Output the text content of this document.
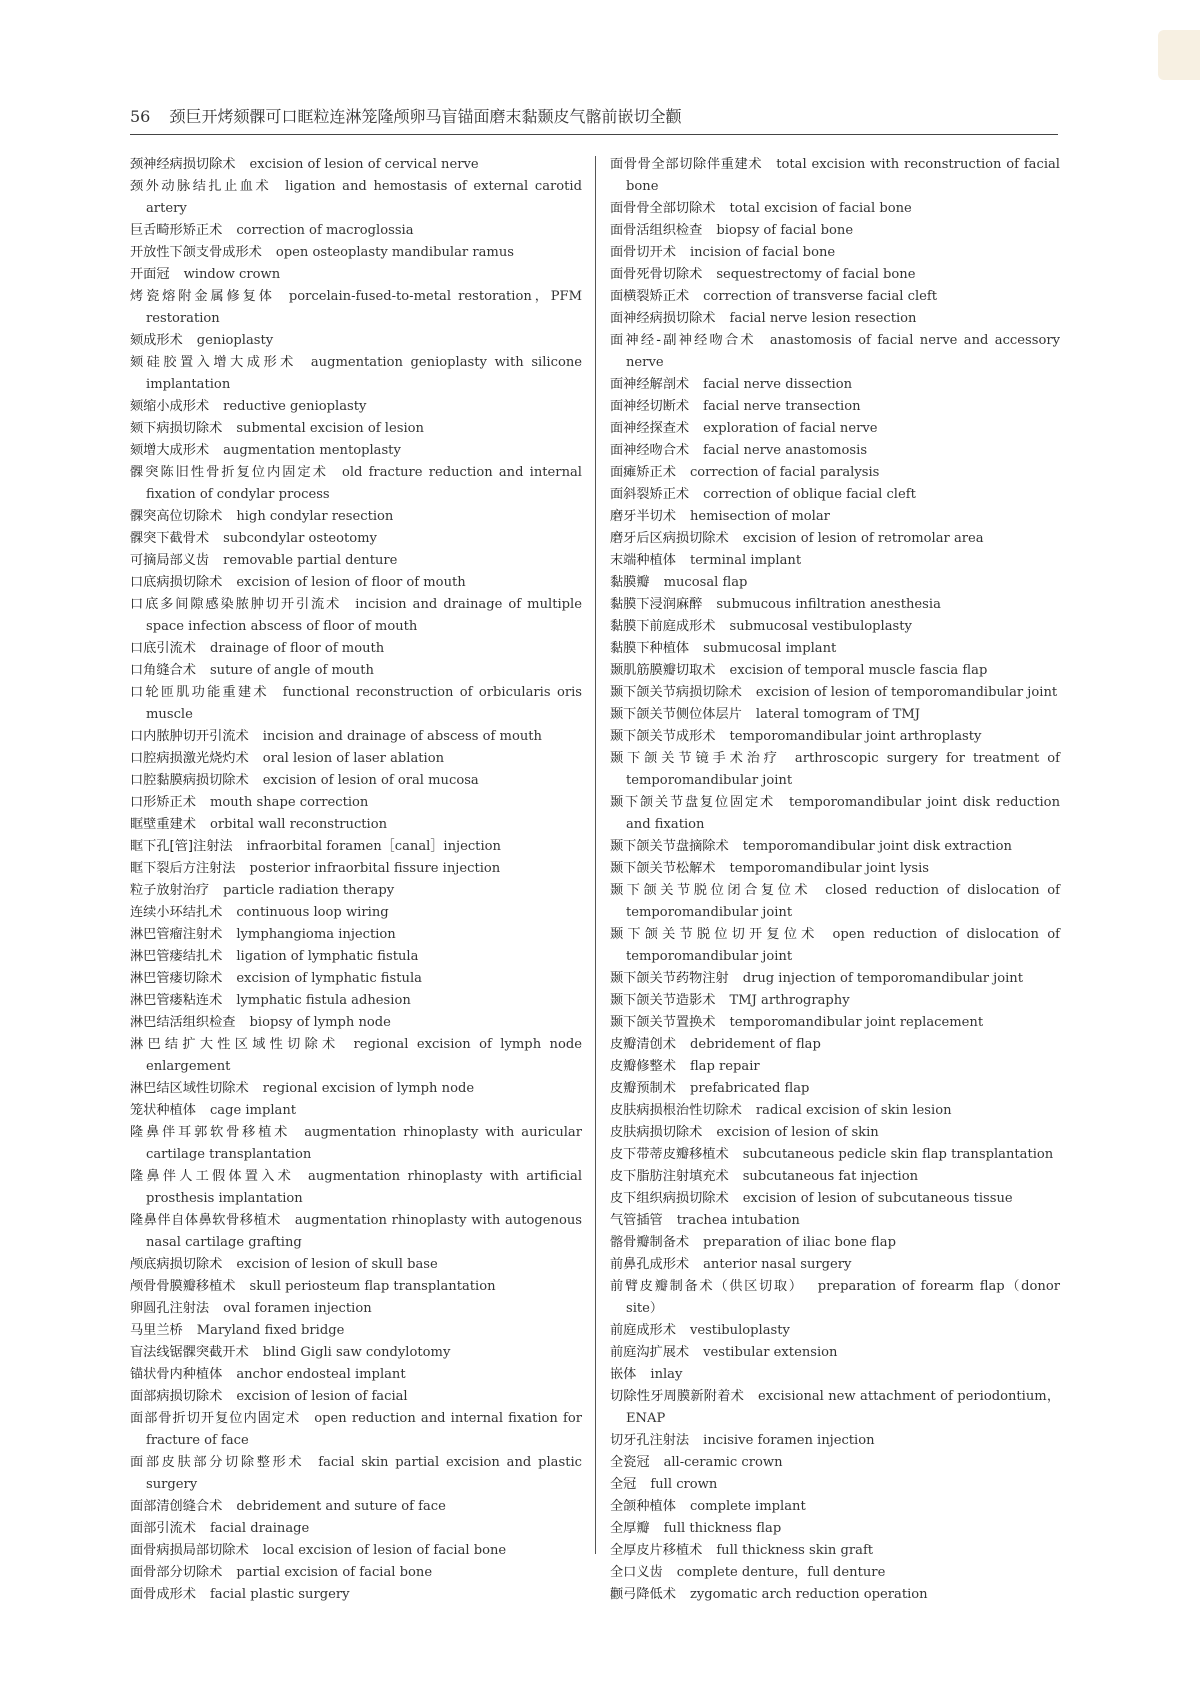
56 颈巨开烤颏髁可口眶粒连淋笼隆颅卵马盲锚面磨末黏颞皮气髂前嵌切全颧
颈神经病损切除术 excision of lesion of cervical nerve
颈外动脉结扎止血术 ligation and hemostasis of external carotid artery
巨舌畸形矫正术 correction of macroglossia
开放性下颌支骨成形术 open osteoplasty mandibular ramus
开面冠 window crown
烤瓷熔附金属修复体 porcelain-fused-to-metal restoration，PFM restoration
颏成形术 genioplasty
颏硅胶置入增大成形术 augmentation genioplasty with silicone implantation
颏缩小成形术 reductive genioplasty
颏下病损切除术 submental excision of lesion
颏增大成形术 augmentation mentoplasty
髁突陈旧性骨折复位内固定术 old fracture reduction and internal fixation of condylar process
髁突高位切除术 high condylar resection
髁突下截骨术 subcondylar osteotomy
可摘局部义齿 removable partial denture
口底病损切除术 excision of lesion of floor of mouth
口底多间隙感染脓肿切开引流术 incision and drainage of multiple space infection abscess of floor of mouth
口底引流术 drainage of floor of mouth
口角缝合术 suture of angle of mouth
口轮匝肌功能重建术 functional reconstruction of orbicularis oris muscle
口内脓肿切开引流术 incision and drainage of abscess of mouth
口腔病损激光烧灼术 oral lesion of laser ablation
口腔黏膜病损切除术 excision of lesion of oral mucosa
口形矫正术 mouth shape correction
眶壁重建术 orbital wall reconstruction
眶下孔[管]注射法 infraorbital foramen［canal］injection
眶下裂后方注射法 posterior infraorbital fissure injection
粒子放射治疗 particle radiation therapy
连续小环结扎术 continuous loop wiring
淋巴管瘤注射术 lymphangioma injection
淋巴管瘘结扎术 ligation of lymphatic fistula
淋巴管瘘切除术 excision of lymphatic fistula
淋巴管瘘粘连术 lymphatic fistula adhesion
淋巴结活组织检查 biopsy of lymph node
淋巴结扩大性区域性切除术 regional excision of lymph node enlargement
淋巴结区域性切除术 regional excision of lymph node
笼状种植体 cage implant
隆鼻伴耳郭软骨移植术 augmentation rhinoplasty with auricular cartilage transplantation
隆鼻伴人工假体置入术 augmentation rhinoplasty with artificial prosthesis implantation
隆鼻伴自体鼻软骨移植术 augmentation rhinoplasty with autogenous nasal cartilage grafting
颅底病损切除术 excision of lesion of skull base
颅骨骨膜瓣移植术 skull periosteum flap transplantation
卵圆孔注射法 oval foramen injection
马里兰桥 Maryland fixed bridge
盲法线锯髁突截开术 blind Gigli saw condylotomy
锚状骨内种植体 anchor endosteal implant
面部病损切除术 excision of lesion of facial
面部骨折切开复位内固定术 open reduction and internal fixation for fracture of face
面部皮肤部分切除整形术 facial skin partial excision and plastic surgery
面部清创缝合术 debridement and suture of face
面部引流术 facial drainage
面骨病损局部切除术 local excision of lesion of facial bone
面骨部分切除术 partial excision of facial bone
面骨成形术 facial plastic surgery
面骨骨全部切除伴重建术 total excision with reconstruction of facial bone
面骨骨全部切除术 total excision of facial bone
面骨活组织检查 biopsy of facial bone
面骨切开术 incision of facial bone
面骨死骨切除术 sequestrectomy of facial bone
面横裂矫正术 correction of transverse facial cleft
面神经病损切除术 facial nerve lesion resection
面神经-副神经吻合术 anastomosis of facial nerve and accessory nerve
面神经解剖术 facial nerve dissection
面神经切断术 facial nerve transection
面神经探查术 exploration of facial nerve
面神经吻合术 facial nerve anastomosis
面瘫矫正术 correction of facial paralysis
面斜裂矫正术 correction of oblique facial cleft
磨牙半切术 hemisection of molar
磨牙后区病损切除术 excision of lesion of retromolar area
末端种植体 terminal implant
黏膜瓣 mucosal flap
黏膜下浸润麻醉 submucous infiltration anesthesia
黏膜下前庭成形术 submucosal vestibuloplasty
黏膜下种植体 submucosal implant
颞肌筋膜瓣切取术 excision of temporal muscle fascia flap
颞下颌关节病损切除术 excision of lesion of temporomandibular joint
颞下颌关节侧位体层片 lateral tomogram of TMJ
颞下颌关节成形术 temporomandibular joint arthroplasty
颞下颌关节镜手术治疗 arthroscopic surgery for treatment of temporomandibular joint
颞下颌关节盘复位固定术 temporomandibular joint disk reduction and fixation
颞下颌关节盘摘除术 temporomandibular joint disk extraction
颞下颌关节松解术 temporomandibular joint lysis
颞下颌关节脱位闭合复位术 closed reduction of dislocation of temporomandibular joint
颞下颌关节脱位切开复位术 open reduction of dislocation of temporomandibular joint
颞下颌关节药物注射 drug injection of temporomandibular joint
颞下颌关节造影术 TMJ arthrography
颞下颌关节置换术 temporomandibular joint replacement
皮瓣清创术 debridement of flap
皮瓣修整术 flap repair
皮瓣预制术 prefabricated flap
皮肤病损根治性切除术 radical excision of skin lesion
皮肤病损切除术 excision of lesion of skin
皮下带蒂皮瓣移植术 subcutaneous pedicle skin flap transplantation
皮下脂肪注射填充术 subcutaneous fat injection
皮下组织病损切除术 excision of lesion of subcutaneous tissue
气管插管 trachea intubation
髂骨瓣制备术 preparation of iliac bone flap
前鼻孔成形术 anterior nasal surgery
前臂皮瓣制备术（供区切取） preparation of forearm flap（donor site）
前庭成形术 vestibuloplasty
前庭沟扩展术 vestibular extension
嵌体 inlay
切除性牙周膜新附着术 excisional new attachment of periodontium，ENAP
切牙孔注射法 incisive foramen injection
全瓷冠 all-ceramic crown
全冠 full crown
全颌种植体 complete implant
全厚瓣 full thickness flap
全厚皮片移植术 full thickness skin graft
全口义齿 complete denture，full denture
颧弓降低术 zygomatic arch reduction operation
